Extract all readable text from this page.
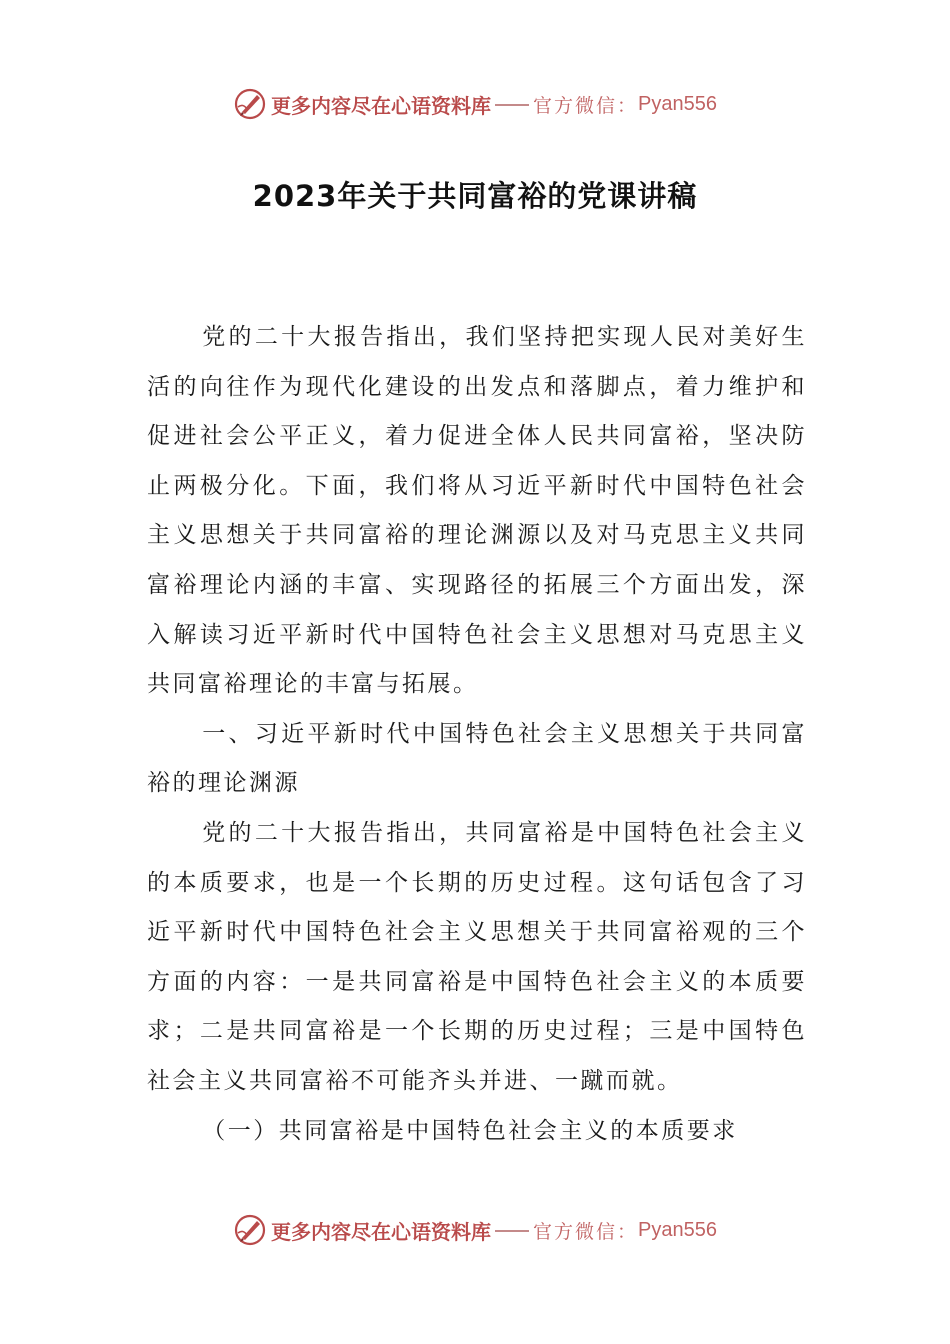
更多内容尽在心语资料库 官方微信： Pyan556
2023年关于共同富裕的党课讲稿

党的二十大报告指出，我们坚持把实现人民对美好生活的向往作为现代化建设的出发点和落脚点，着力维护和促进社会公平正义，着力促进全体人民共同富裕，坚决防止两极分化。下面，我们将从习近平新时代中国特色社会主义思想关于共同富裕的理论渊源以及对马克思主义共同富裕理论内涵的丰富、实现路径的拓展三个方面出发，深入解读习近平新时代中国特色社会主义思想对马克思主义共同富裕理论的丰富与拓展。

一、习近平新时代中国特色社会主义思想关于共同富裕的理论渊源

党的二十大报告指出，共同富裕是中国特色社会主义的本质要求，也是一个长期的历史过程。这句话包含了习近平新时代中国特色社会主义思想关于共同富裕观的三个方面的内容：一是共同富裕是中国特色社会主义的本质要求；二是共同富裕是一个长期的历史过程；三是中国特色社会主义共同富裕不可能齐头并进、一蹴而就。

（一）共同富裕是中国特色社会主义的本质要求

更多内容尽在心语资料库 官方微信： Pyan556
